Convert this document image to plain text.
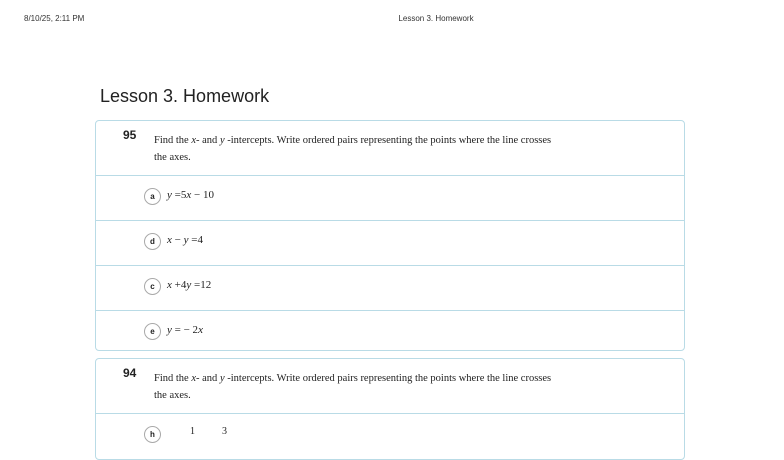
8/10/25, 2:11 PM	Lesson 3. Homework
Lesson 3. Homework
95 Find the x- and y -intercepts. Write ordered pairs representing the points where the line crosses the axes.
a	y =5x − 10
d	x − y =4
c	x +4y =12
e	y = − 2x
94 Find the x- and y -intercepts. Write ordered pairs representing the points where the line crosses the axes.
h	1	3
